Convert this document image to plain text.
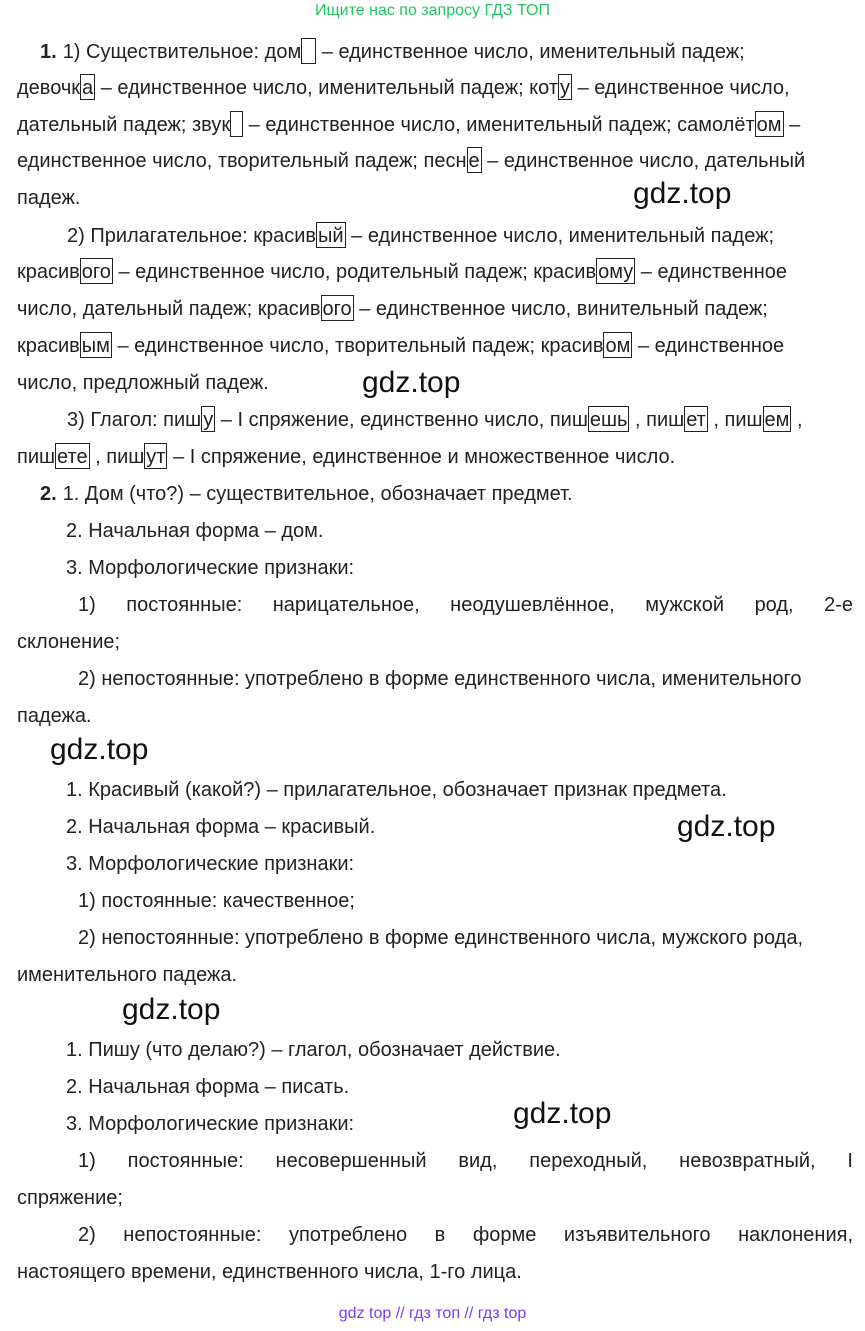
Ищите нас по запросу ГДЗ ТОП
1. 1) Существительное: дом – единственное число, именительный падеж;
девочк а – единственное число, именительный падеж; кот у – единственное число,
дательный падеж; звук – единственное число, именительный падеж; самолёт ом –
единственное число, творительный падеж; песн е – единственное число, дательный
падеж.	gdz.top
2) Прилагательное: красив ый – единственное число, именительный падеж;
красив ого – единственное число, родительный падеж; красив ому – единственное
число, дательный падеж; красив ого – единственное число, винительный падеж;
красив ым – единственное число, творительный падеж; красив ом – единственное
число, предложный падеж.	gdz.top
3) Глагол: пиш у – I спряжение, единственно число, пиш ешь , пиш ет , пиш ем ,
пиш ете , пиш ут – I спряжение, единственное и множественное число.
2. 1. Дом (что?) – существительное, обозначает предмет.
2. Начальная форма – дом.
3. Морфологические признаки:
1) постоянные: нарицательное, неодушевлённое, мужской род, 2-е
склонение;
2) непостоянные: употреблено в форме единственного числа, именительного
падежа.
gdz.top
1. Красивый (какой?) – прилагательное, обозначает признак предмета.
2. Начальная форма – красивый.	gdz.top
3. Морфологические признаки:
1) постоянные: качественное;
2) непостоянные: употреблено в форме единственного числа, мужского рода,
именительного падежа.
gdz.top
1. Пишу (что делаю?) – глагол, обозначает действие.
2. Начальная форма – писать.
3. Морфологические признаки:	gdz.top
1) постоянные: несовершенный вид, переходный, невозвратный, I
спряжение;
2) непостоянные: употреблено в форме изъявительного наклонения,
настоящего времени, единственного числа, 1-го лица.
gdz top // гдз топ // гдз top
